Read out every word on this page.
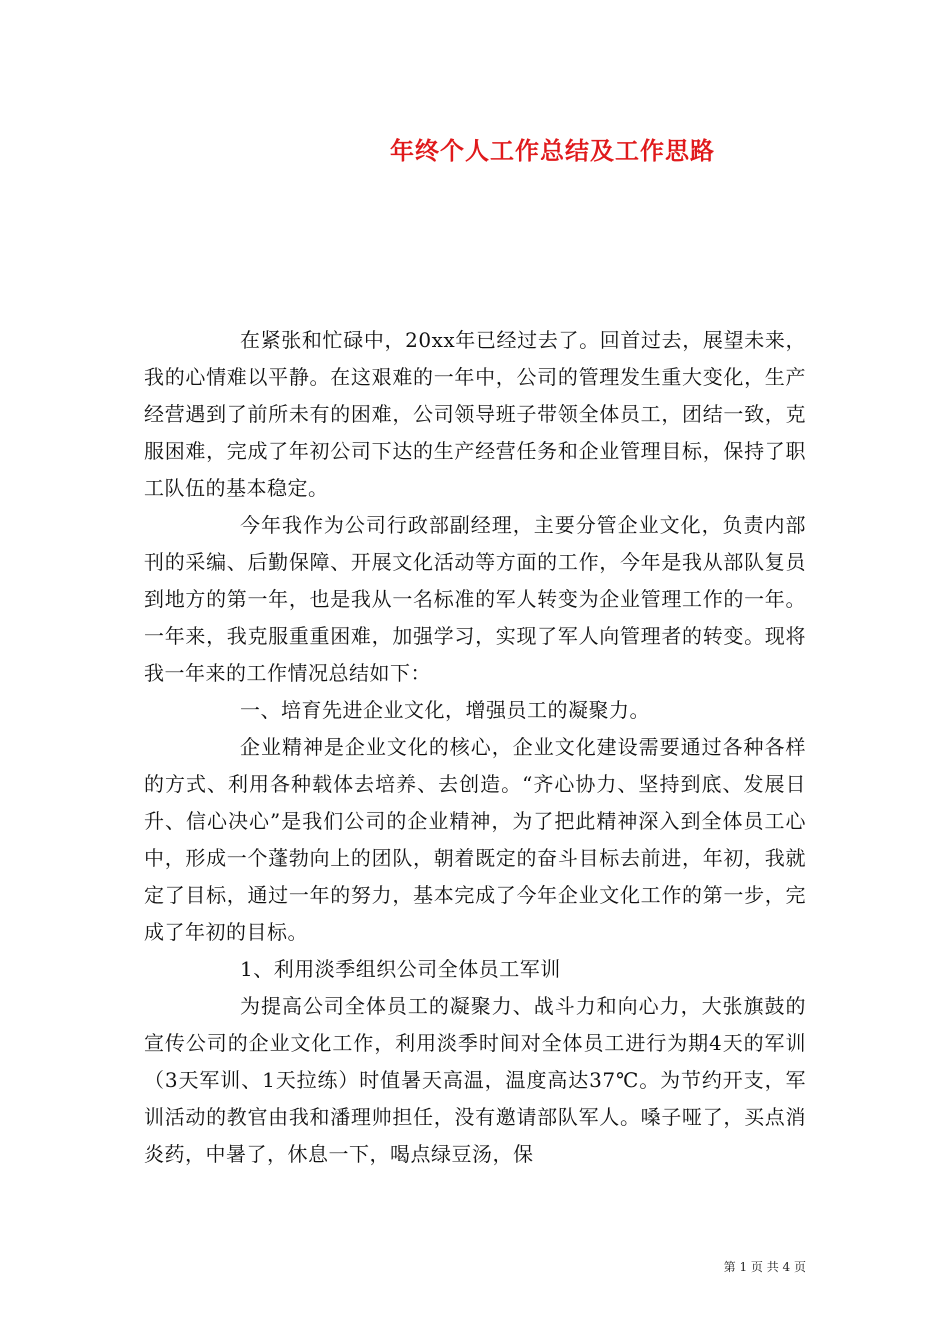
年终个人工作总结及工作思路

在紧张和忙碌中，20xx年已经过去了。回首过去，展望未来，我的心情难以平静。在这艰难的一年中，公司的管理发生重大变化，生产经营遇到了前所未有的困难，公司领导班子带领全体员工，团结一致，克服困难，完成了年初公司下达的生产经营任务和企业管理目标，保持了职工队伍的基本稳定。

今年我作为公司行政部副经理，主要分管企业文化，负责内部刊的采编、后勤保障、开展文化活动等方面的工作，今年是我从部队复员到地方的第一年，也是我从一名标准的军人转变为企业管理工作的一年。一年来，我克服重重困难，加强学习，实现了军人向管理者的转变。现将我一年来的工作情况总结如下：

一、培育先进企业文化，增强员工的凝聚力。

企业精神是企业文化的核心，企业文化建设需要通过各种各样的方式、利用各种载体去培养、去创造。“齐心协力、坚持到底、发展日升、信心决心”是我们公司的企业精神，为了把此精神深入到全体员工心中，形成一个蓬勃向上的团队，朝着既定的奋斗目标去前进，年初，我就定了目标，通过一年的努力，基本完成了今年企业文化工作的第一步，完成了年初的目标。

1、利用淡季组织公司全体员工军训

为提高公司全体员工的凝聚力、战斗力和向心力，大张旗鼓的宣传公司的企业文化工作，利用淡季时间对全体员工进行为期4天的军训（3天军训、1天拉练）时值暑天高温，温度高达37℃。为节约开支，军训活动的教官由我和潘理帅担任，没有邀请部队军人。嗓子哑了，买点消炎药，中暑了，休息一下，喝点绿豆汤，保

第 1 页 共 4 页
